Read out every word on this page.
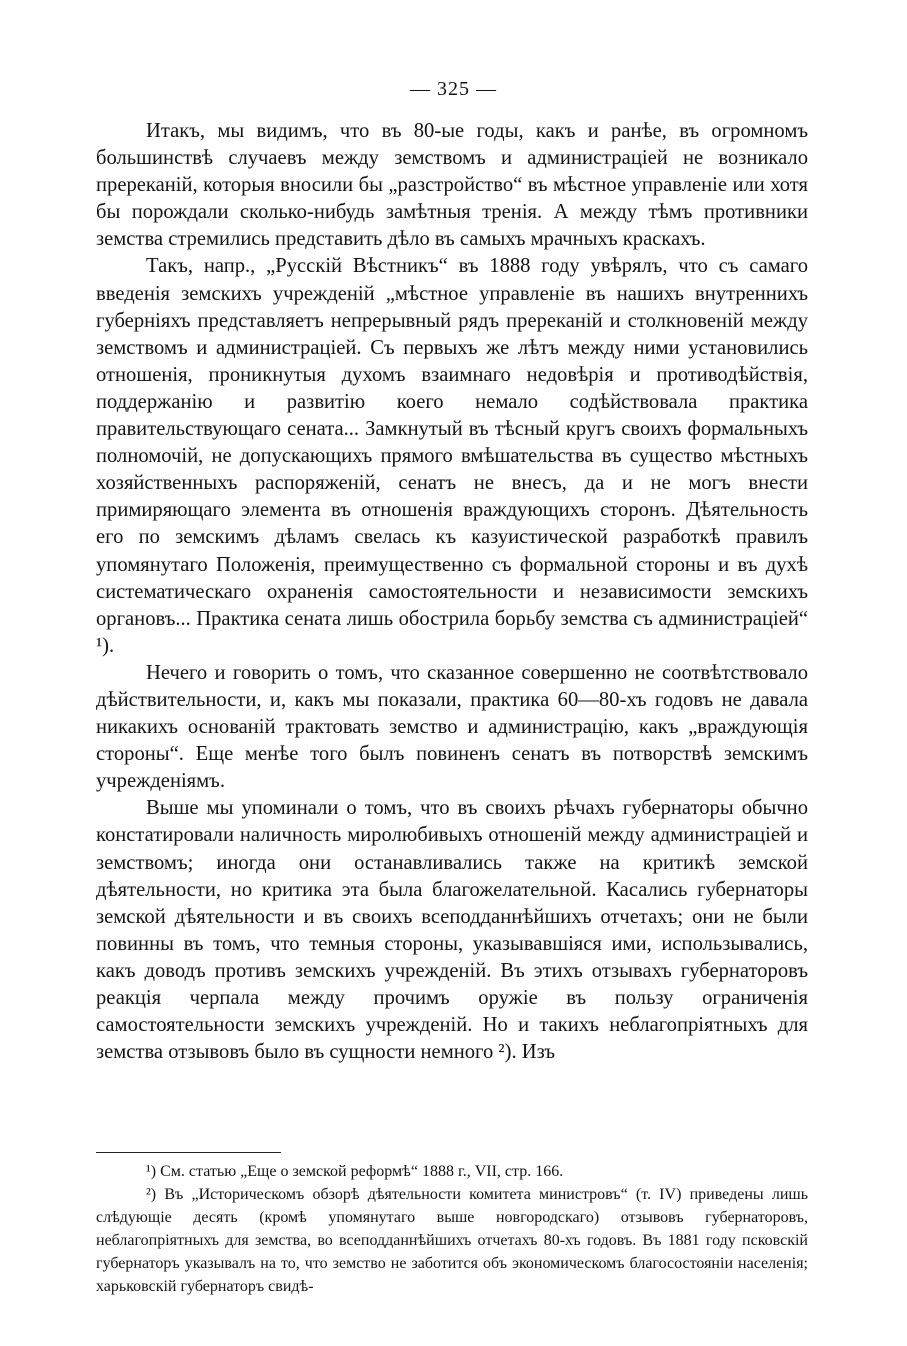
— 325 —

Итакъ, мы видимъ, что въ 80-ые годы, какъ и ранѣе, въ огромномъ большинствѣ случаевъ между земствомъ и администраціей не возникало пререканій, которыя вносили бы „разстройство“ въ мѣстное управленіе или хотя бы порождали сколько-нибудь замѣтныя тренія. А между тѣмъ противники земства стремились представить дѣло въ самыхъ мрачныхъ краскахъ.

Такъ, напр., „Русскій Вѣстникъ“ въ 1888 году увѣрялъ, что съ самаго введенія земскихъ учрежденій „мѣстное управленіе въ нашихъ внутреннихъ губерніяхъ представляетъ непрерывный рядъ пререканій и столкновеній между земствомъ и администраціей. Съ первыхъ же лѣтъ между ними установились отношенія, проникнутыя духомъ взаимнаго недовѣрія и противодѣйствія, поддержанію и развитію коего немало содѣйствовала практика правительствующаго сената... Замкнутый въ тѣсный кругъ своихъ формальныхъ полномочій, не допускающихъ прямого вмѣшательства въ существо мѣстныхъ хозяйственныхъ распоряженій, сенатъ не внесъ, да и не могъ внести примиряющаго элемента въ отношенія враждующихъ сторонъ. Дѣятельность его по земскимъ дѣламъ свелась къ казуистической разработкѣ правилъ упомянутаго Положенія, преимущественно съ формальной стороны и въ духѣ систематическаго охраненія самостоятельности и независимости земскихъ органовъ... Практика сената лишь обострила борьбу земства съ администраціей“ ¹).

Нечего и говорить о томъ, что сказанное совершенно не соотвѣтствовало дѣйствительности, и, какъ мы показали, практика 60—80-хъ годовъ не давала никакихъ основаній трактовать земство и администрацію, какъ „враждующія стороны“. Еще менѣе того былъ повиненъ сенатъ въ потворствѣ земскимъ учрежденіямъ.

Выше мы упоминали о томъ, что въ своихъ рѣчахъ губернаторы обычно констатировали наличность миролюбивыхъ отношеній между администраціей и земствомъ; иногда они останавливались также на критикѣ земской дѣятельности, но критика эта была благожелательной. Касались губернаторы земской дѣятельности и въ своихъ всеподданнѣйшихъ отчетахъ; они не были повинны въ томъ, что темныя стороны, указывавшіяся ими, использывались, какъ доводъ противъ земскихъ учрежденій. Въ этихъ отзывахъ губернаторовъ реакція черпала между прочимъ оружіе въ пользу ограниченія самостоятельности земскихъ учрежденій. Но и такихъ неблагопріятныхъ для земства отзывовъ было въ сущности немного ²). Изъ

¹) См. статью „Еще о земской реформѣ“ 1888 г., VII, стр. 166.

²) Въ „Историческомъ обзорѣ дѣятельности комитета министровъ“ (т. IV) приведены лишь слѣдующіе десять (кромѣ упомянутаго выше новгородскаго) отзывовъ губернаторовъ, неблагопріятныхъ для земства, во всеподданнѣйшихъ отчетахъ 80-хъ годовъ. Въ 1881 году псковскій губернаторъ указывалъ на то, что земство не заботится объ экономическомъ благосостояніи населенія; харьковскій губернаторъ свидѣ-
